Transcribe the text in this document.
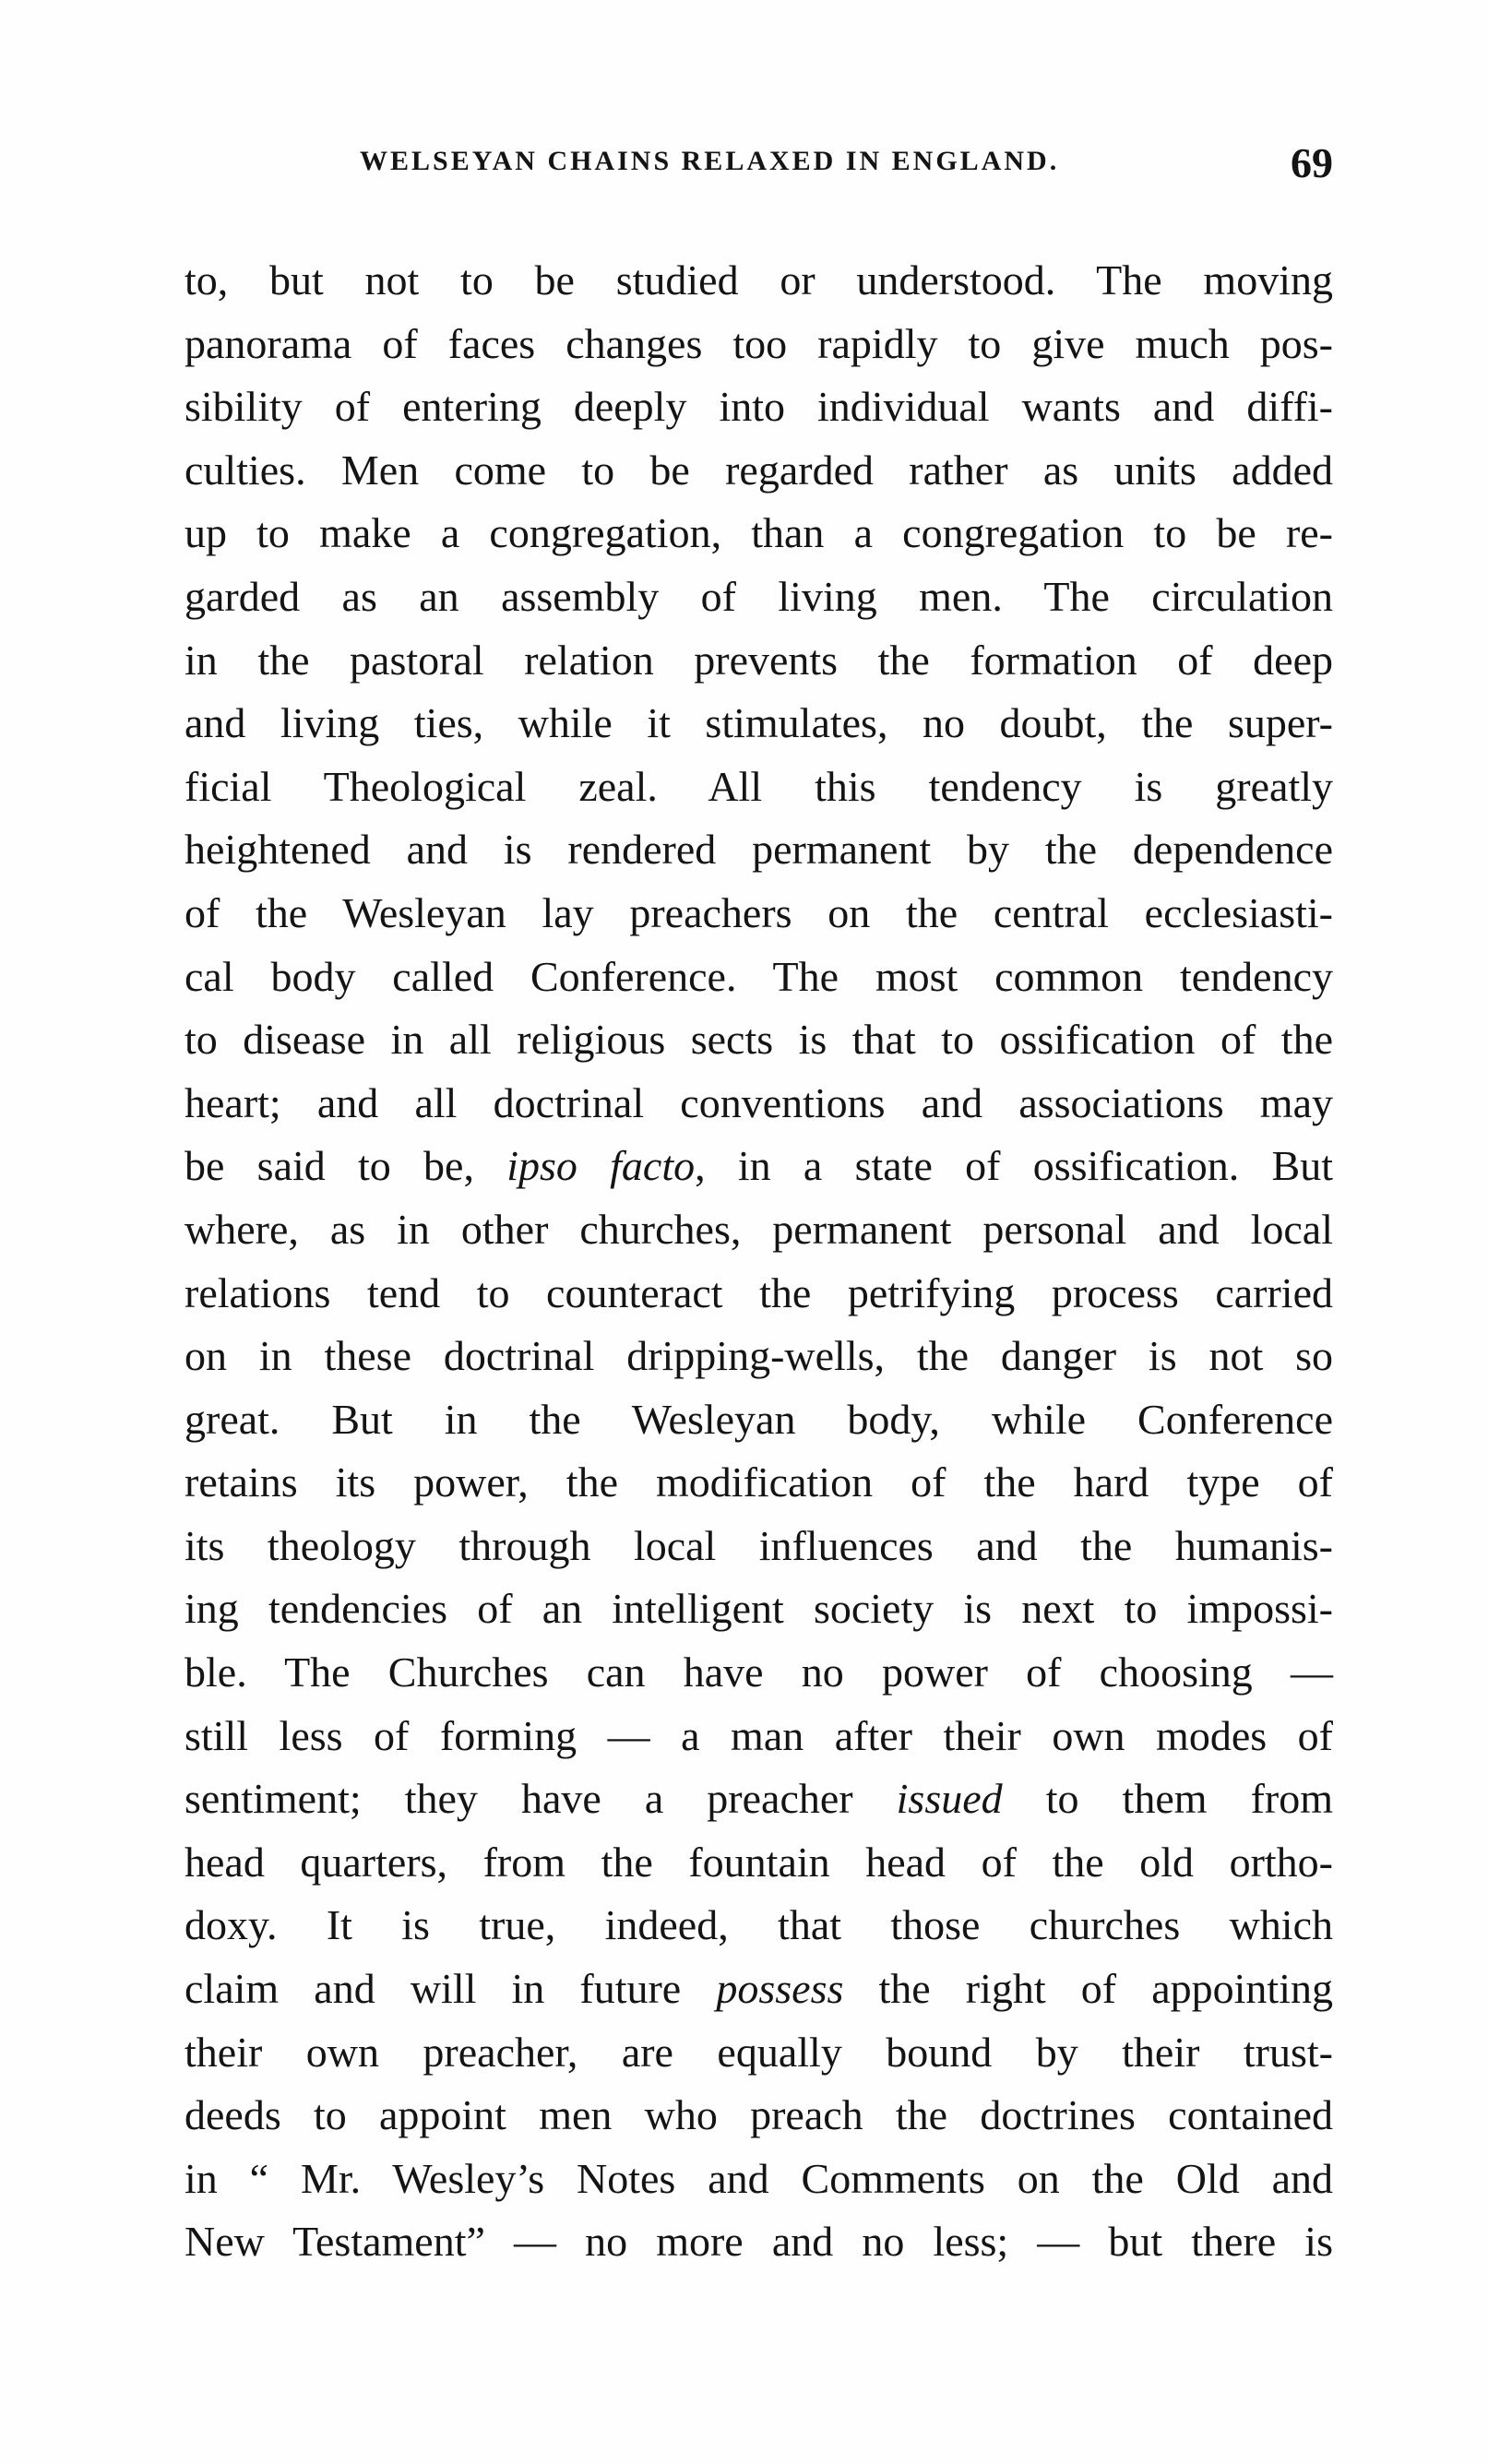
WELSEYAN CHAINS RELAXED IN ENGLAND.	69
to, but not to be studied or understood. The moving
panorama of faces changes too rapidly to give much pos-
sibility of entering deeply into individual wants and diffi-
culties. Men come to be regarded rather as units added
up to make a congregation, than a congregation to be re-
garded as an assembly of living men. The circulation
in the pastoral relation prevents the formation of deep
and living ties, while it stimulates, no doubt, the super-
ficial Theological zeal. All this tendency is greatly
heightened and is rendered permanent by the dependence
of the Wesleyan lay preachers on the central ecclesiasti-
cal body called Conference. The most common tendency
to disease in all religious sects is that to ossification of the
heart; and all doctrinal conventions and associations may
be said to be, ipso facto, in a state of ossification. But
where, as in other churches, permanent personal and local
relations tend to counteract the petrifying process carried
on in these doctrinal dripping-wells, the danger is not so
great. But in the Wesleyan body, while Conference
retains its power, the modification of the hard type of
its theology through local influences and the humanis-
ing tendencies of an intelligent society is next to impossi-
ble. The Churches can have no power of choosing —
still less of forming — a man after their own modes of
sentiment; they have a preacher issued to them from
head quarters, from the fountain head of the old ortho-
doxy. It is true, indeed, that those churches which
claim and will in future possess the right of appointing
their own preacher, are equally bound by their trust-
deeds to appoint men who preach the doctrines contained
in “ Mr. Wesley’s Notes and Comments on the Old and
New Testament” — no more and no less; — but there is
